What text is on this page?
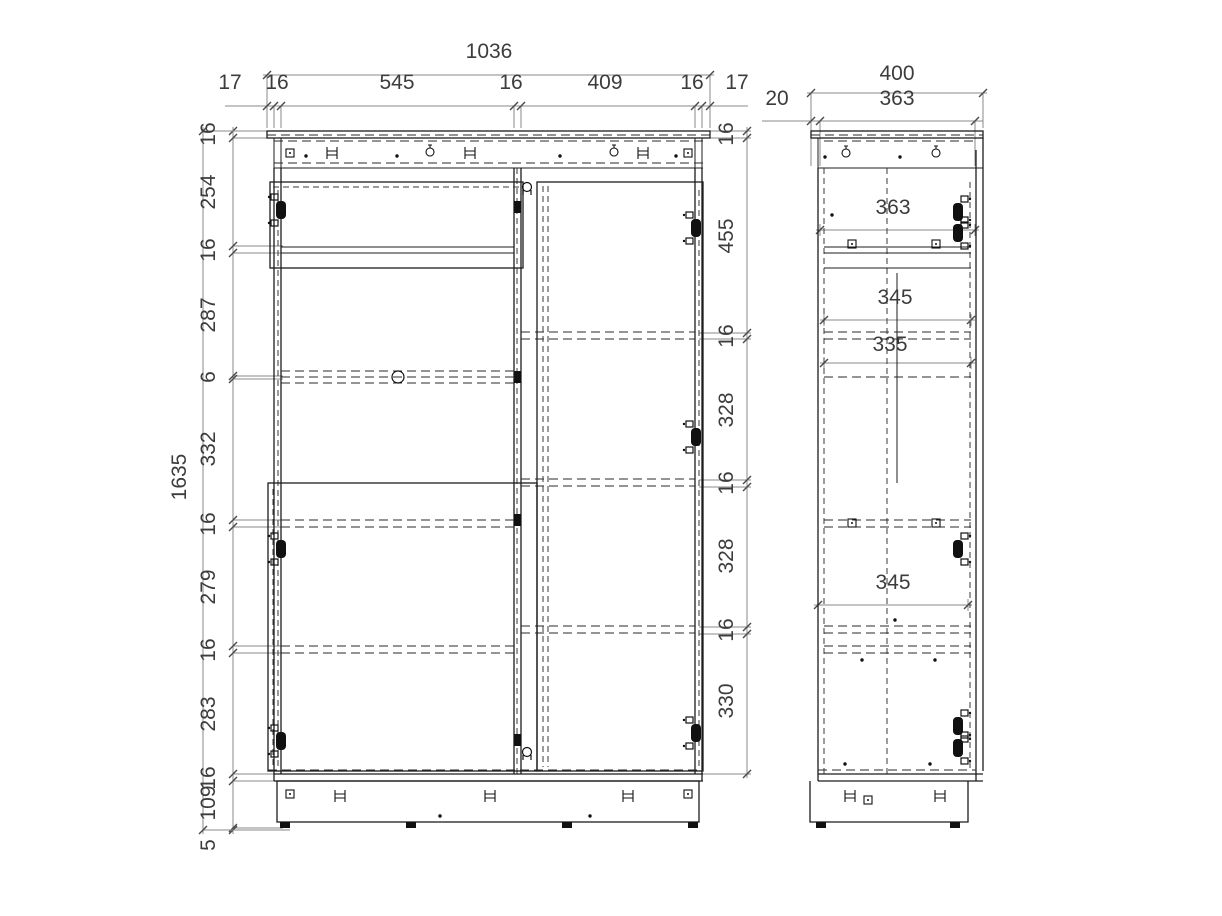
1036
17 16	545	16	409	16 17
1635
16
254
16
287
6
332
16
279
16
283
16
109
5
16
455
16
328
16
328
16
330
400
20	363
363
345
335
345
